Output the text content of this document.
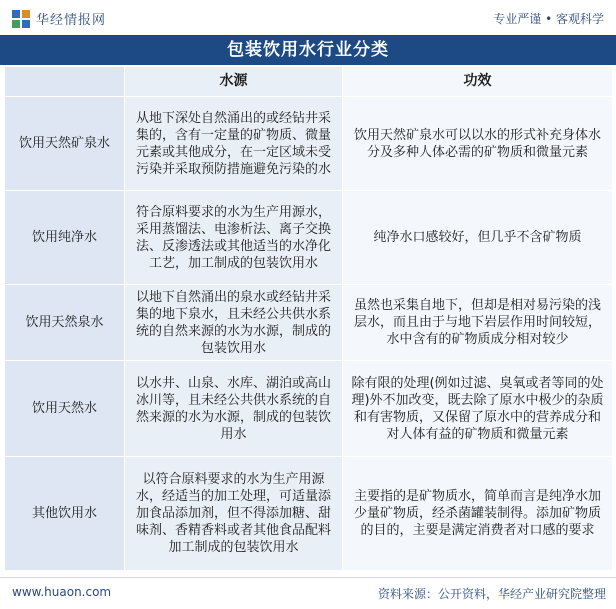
华经情报网	专业严谨 • 客观科学
包装饮用水行业分类
	水源	功效
饮用天然矿泉水	从地下深处自然涌出的或经钻井采集的，含有一定量的矿物质、微量元素或其他成分，在一定区域未受污染并采取预防措施避免污染的水	饮用天然矿泉水可以以水的形式补充身体水分及多种人体必需的矿物质和微量元素
饮用纯净水	符合原料要求的水为生产用源水，采用蒸馏法、电渗析法、离子交换法、反渗透法或其他适当的水净化工艺，加工制成的包装饮用水	纯净水口感较好，但几乎不含矿物质
饮用天然泉水	以地下自然涌出的泉水或经钻井采集的地下泉水，且未经公共供水系统的自然来源的水为水源，制成的包装饮用水	虽然也采集自地下，但却是相对易污染的浅层水，而且由于与地下岩层作用时间较短，水中含有的矿物质成分相对较少
饮用天然水	以水井、山泉、水库、湖泊或高山冰川等，且未经公共供水系统的自然来源的水为水源，制成的包装饮用水	除有限的处理(例如过滤、臭氧或者等同的处理)外不加改变，既去除了原水中极少的杂质和有害物质，又保留了原水中的营养成分和对人体有益的矿物质和微量元素
其他饮用水	以符合原料要求的水为生产用源水，经适当的加工处理，可适量添加食品添加剂，但不得添加糖、甜味剂、香精香料或者其他食品配料加工制成的包装饮用水	主要指的是矿物质水，简单而言是纯净水加少量矿物质，经杀菌罐装制得。添加矿物质的目的，主要是满定消费者对口感的要求
www.huaon.com	资料来源：公开资料，华经产业研究院整理
